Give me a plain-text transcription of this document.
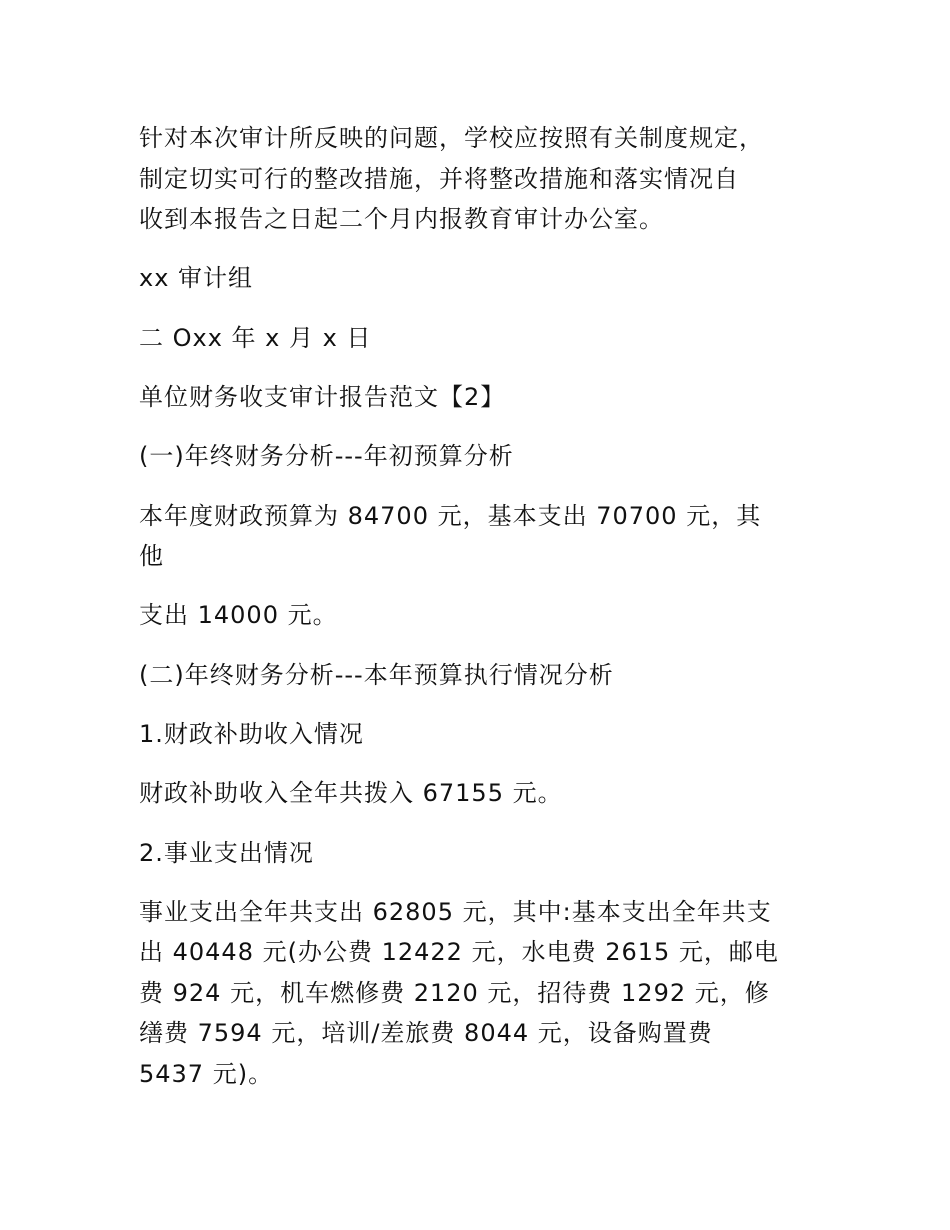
针对本次审计所反映的问题，学校应按照有关制度规定，
制定切实可行的整改措施，并将整改措施和落实情况自
收到本报告之日起二个月内报教育审计办公室。
xx 审计组
二 Oxx 年 x 月 x 日
单位财务收支审计报告范文【2】
(一)年终财务分析---年初预算分析
本年度财政预算为 84700 元，基本支出 70700 元，其
他
支出 14000 元。
(二)年终财务分析---本年预算执行情况分析
1.财政补助收入情况
财政补助收入全年共拨入 67155 元。
2.事业支出情况
事业支出全年共支出 62805 元，其中:基本支出全年共支
出 40448 元(办公费 12422 元，水电费 2615 元，邮电
费 924 元，机车燃修费 2120 元，招待费 1292 元，修
缮费 7594 元，培训/差旅费 8044 元，设备购置费
5437 元)。
